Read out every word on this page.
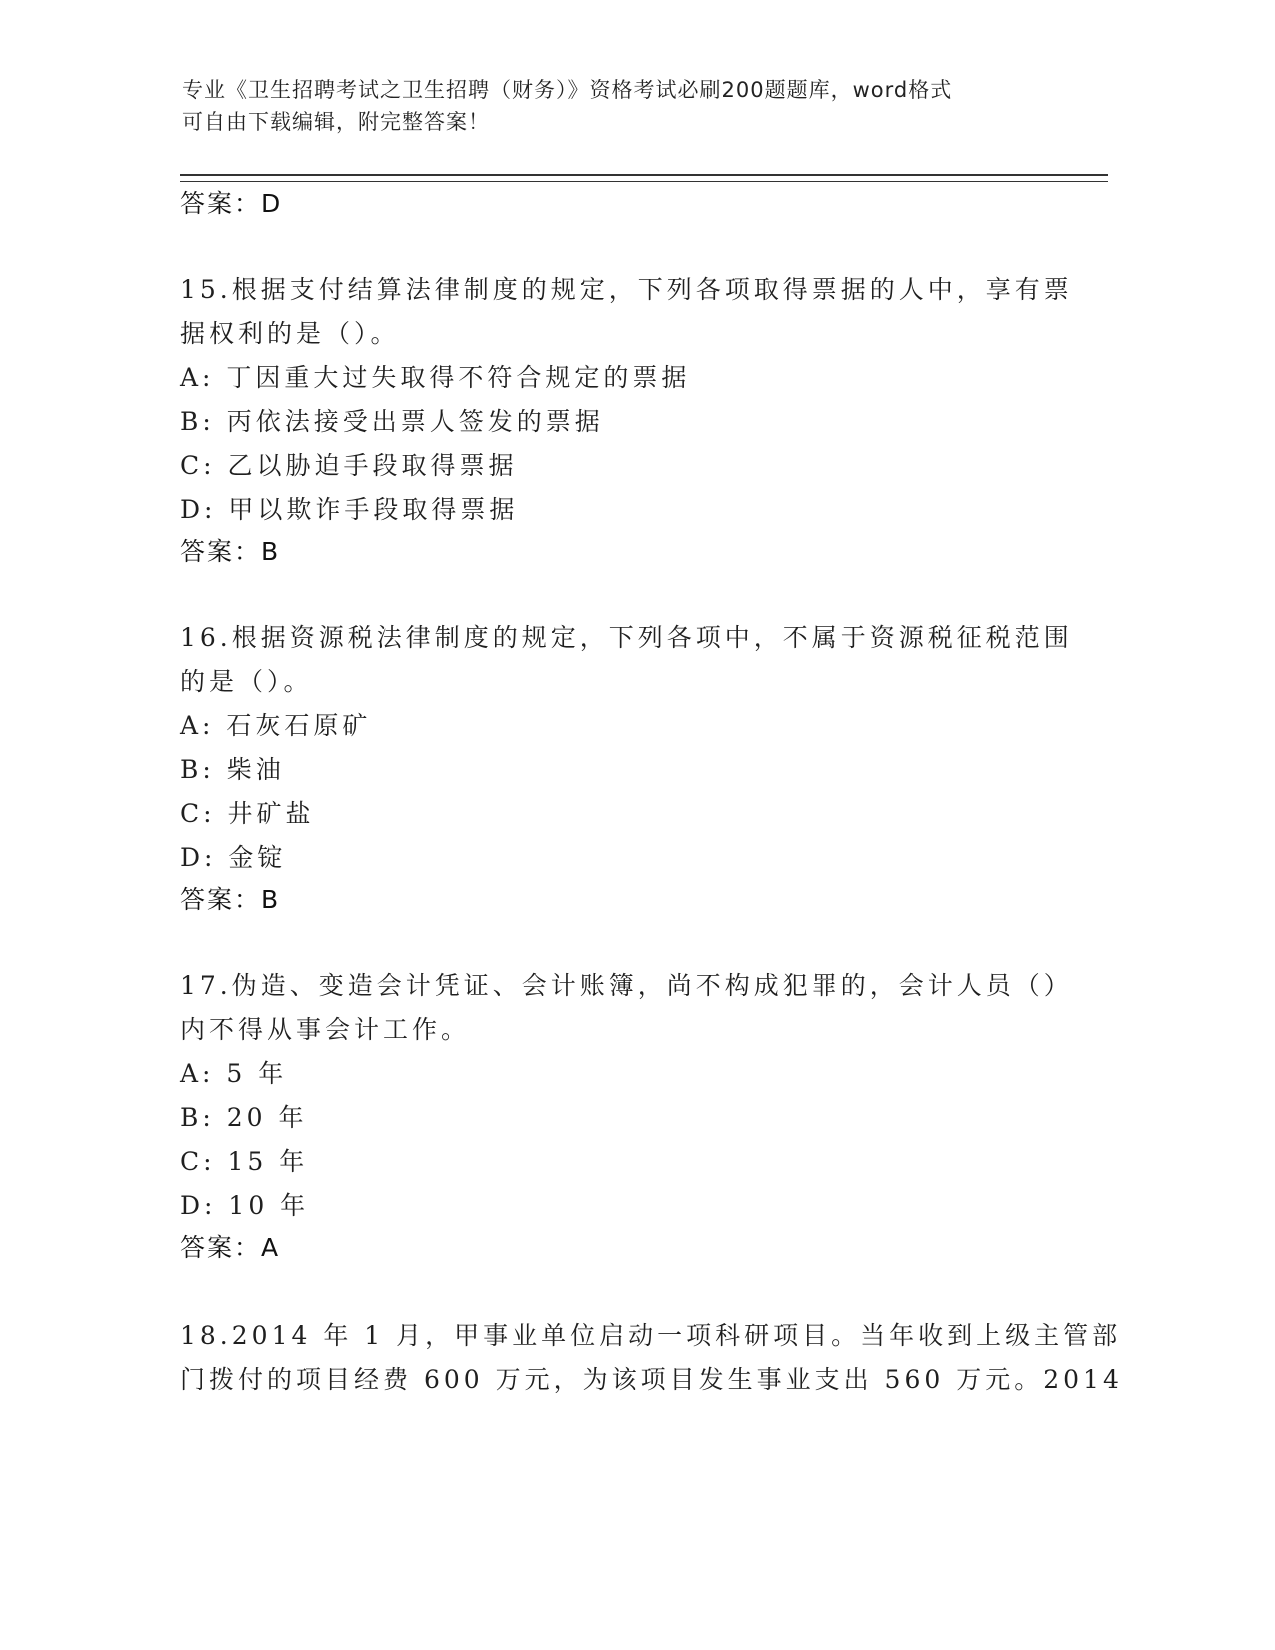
专业《卫生招聘考试之卫生招聘（财务）》资格考试必刷200题题库，word格式
可自由下载编辑，附完整答案！
答案：D
15.根据支付结算法律制度的规定，下列各项取得票据的人中，享有票
据权利的是（）。
A: 丁因重大过失取得不符合规定的票据
B: 丙依法接受出票人签发的票据
C: 乙以胁迫手段取得票据
D: 甲以欺诈手段取得票据
答案：B
16.根据资源税法律制度的规定，下列各项中，不属于资源税征税范围
的是（）。
A: 石灰石原矿
B: 柴油
C: 井矿盐
D: 金锭
答案：B
17.伪造、变造会计凭证、会计账簿，尚不构成犯罪的，会计人员（）
内不得从事会计工作。
A: 5 年
B: 20 年
C: 15 年
D: 10 年
答案：A
18.2014 年 1 月，甲事业单位启动一项科研项目。当年收到上级主管部
门拨付的项目经费 600 万元，为该项目发生事业支出 560 万元。2014
